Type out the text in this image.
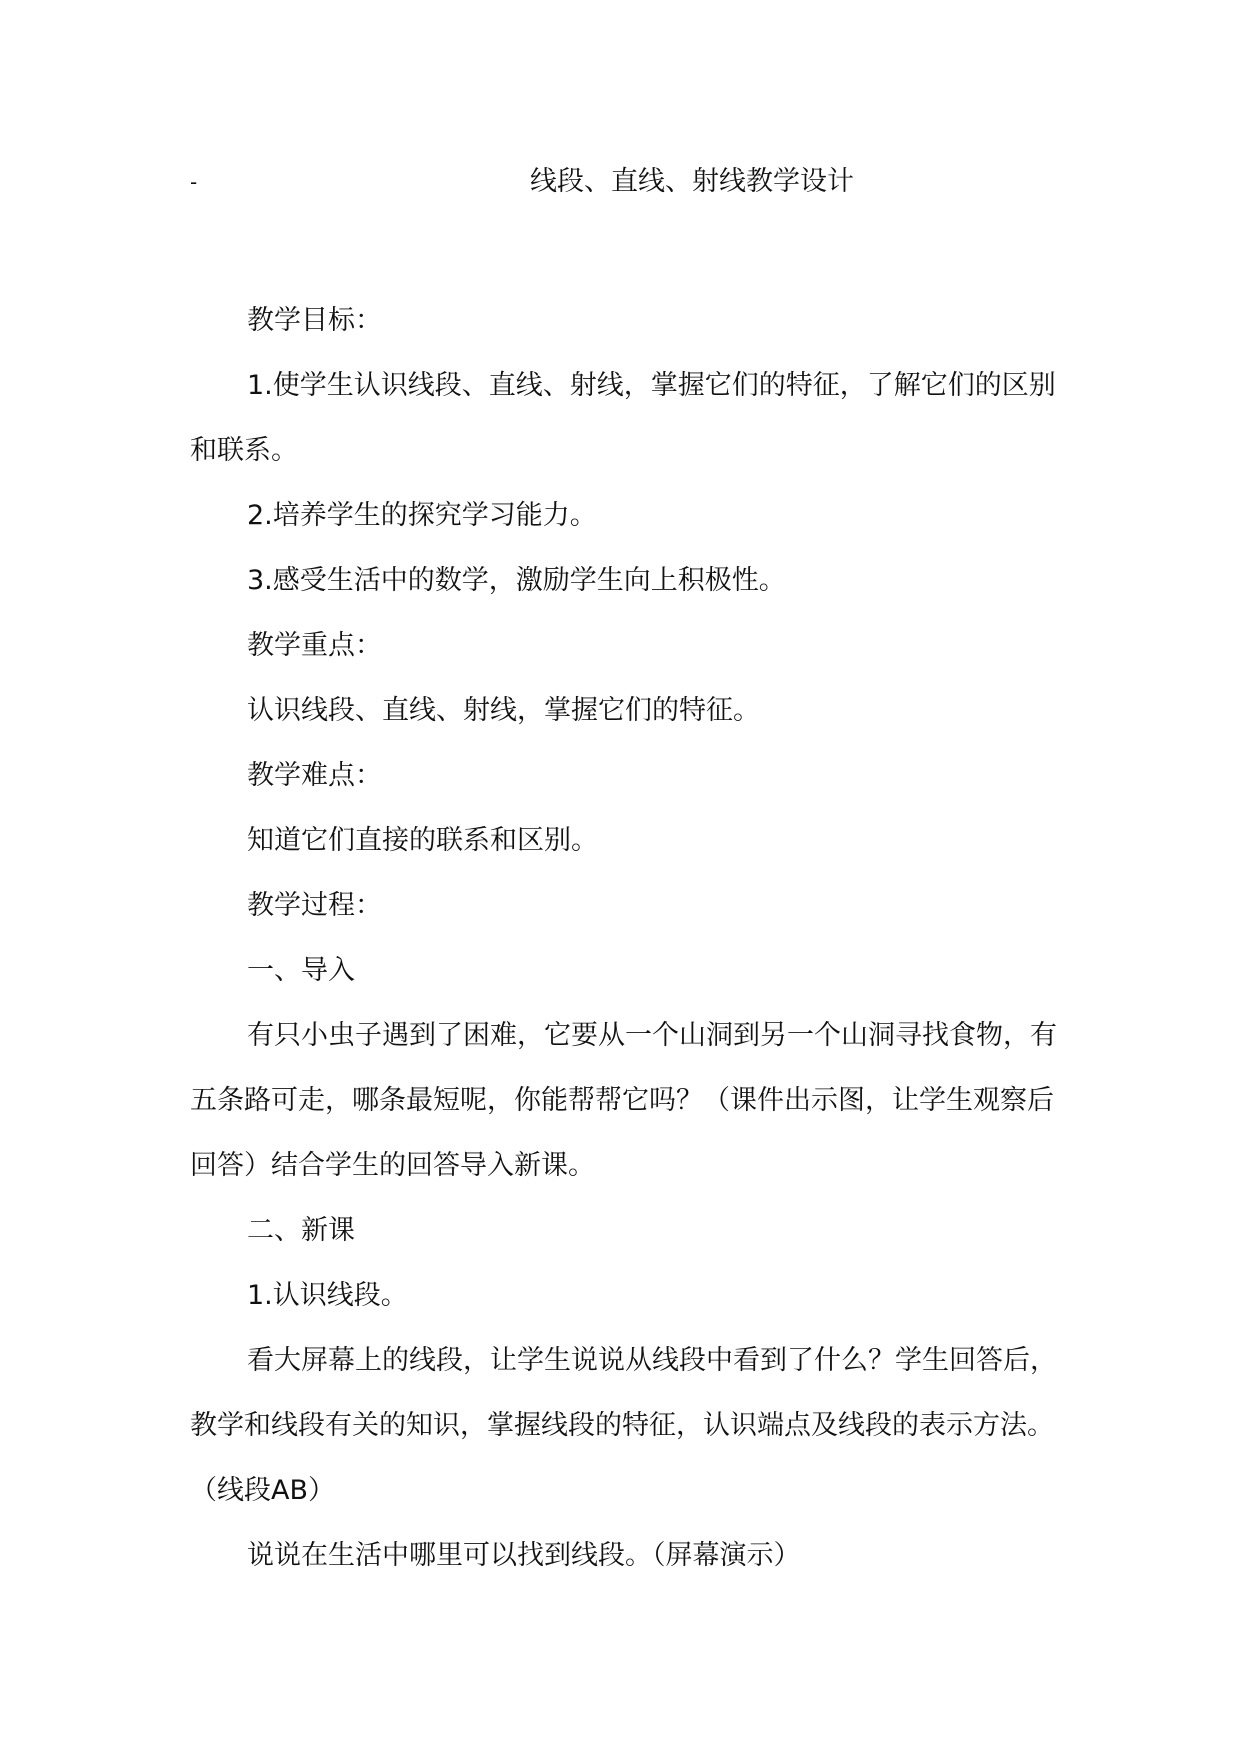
-	线段、直线、射线教学设计

教学目标：

1.使学生认识线段、直线、射线，掌握它们的特征，了解它们的区别和联系。

2.培养学生的探究学习能力。

3.感受生活中的数学，激励学生向上积极性。

教学重点：

认识线段、直线、射线，掌握它们的特征。

教学难点：

知道它们直接的联系和区别。

教学过程：

一、导入

有只小虫子遇到了困难，它要从一个山洞到另一个山洞寻找食物，有五条路可走，哪条最短呢，你能帮帮它吗？（课件出示图，让学生观察后回答）结合学生的回答导入新课。

二、新课

1.认识线段。

看大屏幕上的线段，让学生说说从线段中看到了什么？学生回答后，教学和线段有关的知识，掌握线段的特征，认识端点及线段的表示方法。（线段AB）

说说在生活中哪里可以找到线段。（屏幕演示）
